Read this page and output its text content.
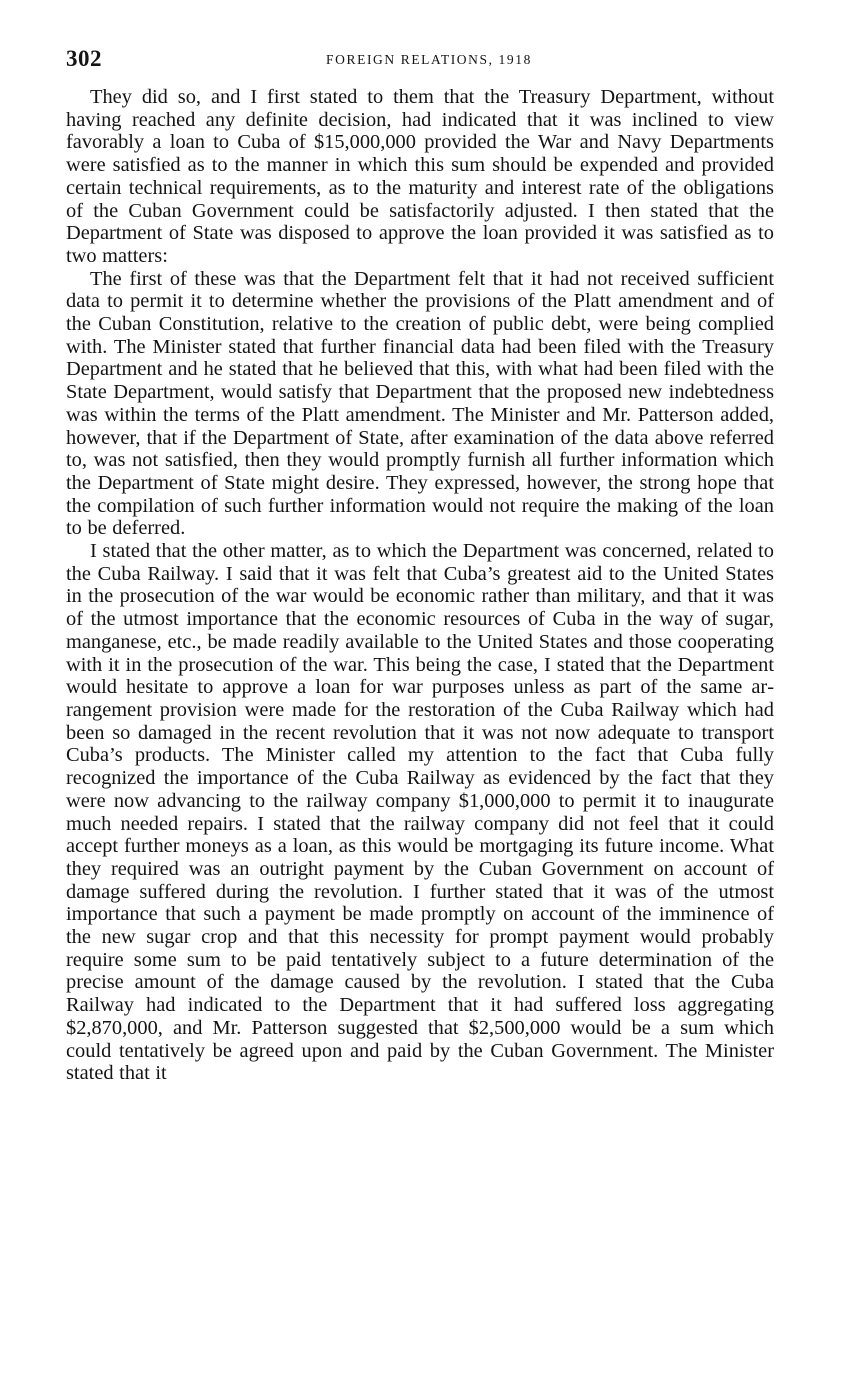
302	FOREIGN RELATIONS, 1918

They did so, and I first stated to them that the Treasury Department, without having reached any definite decision, had indicated that it was inclined to view favorably a loan to Cuba of $15,000,000 provided the War and Navy Departments were satisfied as to the manner in which this sum should be expended and provided certain technical requirements, as to the maturity and interest rate of the obligations of the Cuban Government could be satisfactorily adjusted. I then stated that the Department of State was disposed to approve the loan provided it was satisfied as to two matters:

The first of these was that the Department felt that it had not received sufficient data to permit it to determine whether the provisions of the Platt amendment and of the Cuban Constitution, relative to the creation of public debt, were being complied with. The Minister stated that further financial data had been filed with the Treasury Department and he stated that he believed that this, with what had been filed with the State Department, would satisfy that Department that the proposed new indebtedness was within the terms of the Platt amendment. The Minister and Mr. Patterson added, however, that if the Department of State, after examination of the data above referred to, was not satisfied, then they would promptly furnish all further information which the Department of State might desire. They expressed, however, the strong hope that the compilation of such further information would not require the making of the loan to be deferred.

I stated that the other matter, as to which the Department was concerned, related to the Cuba Railway. I said that it was felt that Cuba’s greatest aid to the United States in the prosecution of the war would be economic rather than military, and that it was of the utmost importance that the economic resources of Cuba in the way of sugar, manganese, etc., be made readily available to the United States and those cooperating with it in the prosecution of the war. This being the case, I stated that the Department would hesitate to approve a loan for war purposes unless as part of the same arrangement provision were made for the restoration of the Cuba Railway which had been so damaged in the recent revolution that it was not now adequate to transport Cuba’s products. The Minister called my attention to the fact that Cuba fully recognized the importance of the Cuba Railway as evidenced by the fact that they were now advancing to the railway company $1,000,000 to permit it to inaugurate much needed repairs. I stated that the railway company did not feel that it could accept further moneys as a loan, as this would be mortgaging its future income. What they required was an outright payment by the Cuban Government on account of damage suffered during the revolution. I further stated that it was of the utmost importance that such a payment be made promptly on account of the imminence of the new sugar crop and that this necessity for prompt payment would probably require some sum to be paid tentatively subject to a future determination of the precise amount of the damage caused by the revolution. I stated that the Cuba Railway had indicated to the Department that it had suffered loss aggregating $2,870,000, and Mr. Patterson suggested that $2,500,000 would be a sum which could tentatively be agreed upon and paid by the Cuban Government. The Minister stated that it
